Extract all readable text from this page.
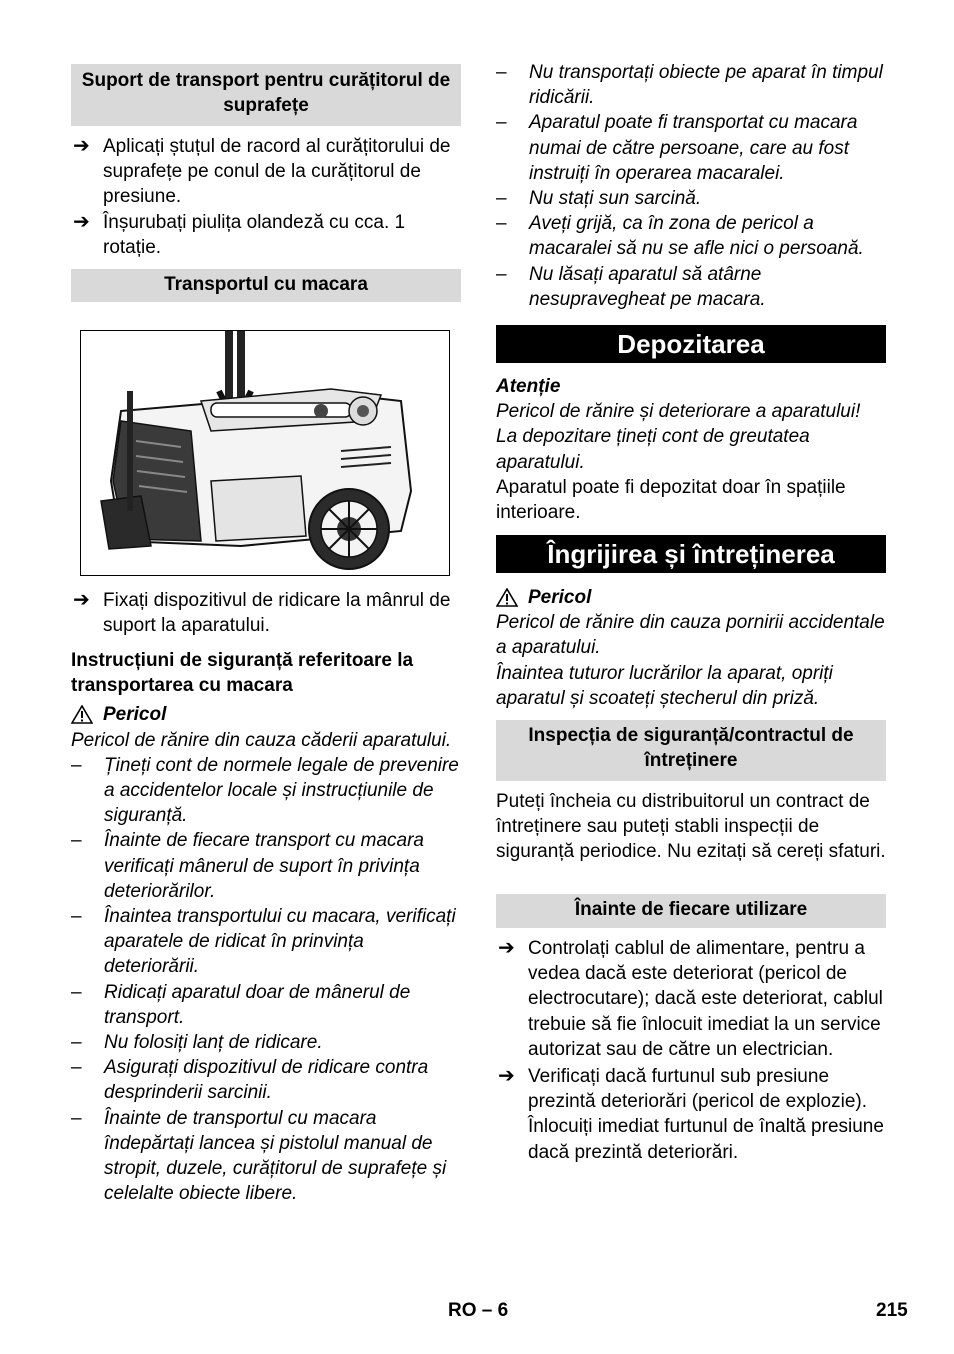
Suport de transport pentru curățitorul de suprafețe
➔ Aplicați ștuțul de racord al curățitorului de suprafețe pe conul de la curățitorul de presiune.
➔ Înșurubați piulița olandeză cu cca. 1 rotație.
Transportul cu macara
➔ Fixați dispozitivul de ridicare la mânrul de suport la aparatului.
Instrucțiuni de siguranță referitoare la transportarea cu macara
Pericol
Pericol de rănire din cauza căderii aparatului.
– Țineți cont de normele legale de prevenire a accidentelor locale și instrucțiunile de siguranță.
– Înainte de fiecare transport cu macara verificați mânerul de suport în privința deteriorărilor.
– Înaintea transportului cu macara, verificați aparatele de ridicat în prinvința deteriorării.
– Ridicați aparatul doar de mânerul de transport.
– Nu folosiți lanț de ridicare.
– Asigurați dispozitivul de ridicare contra desprinderii sarcinii.
– Înainte de transportul cu macara îndepărtați lancea și pistolul manual de stropit, duzele, curățitorul de suprafețe și celelalte obiecte libere.
– Nu transportați obiecte pe aparat în timpul ridicării.
– Aparatul poate fi transportat cu macara numai de către persoane, care au fost instruiți în operarea macaralei.
– Nu stați sun sarcină.
– Aveți grijă, ca în zona de pericol a macaralei să nu se afle nici o persoană.
– Nu lăsați aparatul să atârne nesupravegheat pe macara.
Depozitarea
Atenție
Pericol de rănire și deteriorare a aparatului! La depozitare țineți cont de greutatea aparatului.
Aparatul poate fi depozitat doar în spațiile interioare.
Îngrijirea și întreținerea
Pericol
Pericol de rănire din cauza pornirii accidentale a aparatului.
Înaintea tuturor lucrărilor la aparat, opriți aparatul și scoateți ștecherul din priză.
Inspecția de siguranță/contractul de întreținere
Puteți încheia cu distribuitorul un contract de întreținere sau puteți stabli inspecții de siguranță periodice. Nu ezitați să cereți sfaturi.
Înainte de fiecare utilizare
➔ Controlați cablul de alimentare, pentru a vedea dacă este deteriorat (pericol de electrocutare); dacă este deteriorat, cablul trebuie să fie înlocuit imediat la un service autorizat sau de către un electrician.
➔ Verificați dacă furtunul sub presiune prezintă deteriorări (pericol de explozie).
Înlocuiți imediat furtunul de înaltă presiune dacă prezintă deteriorări.
RO – 6	215
